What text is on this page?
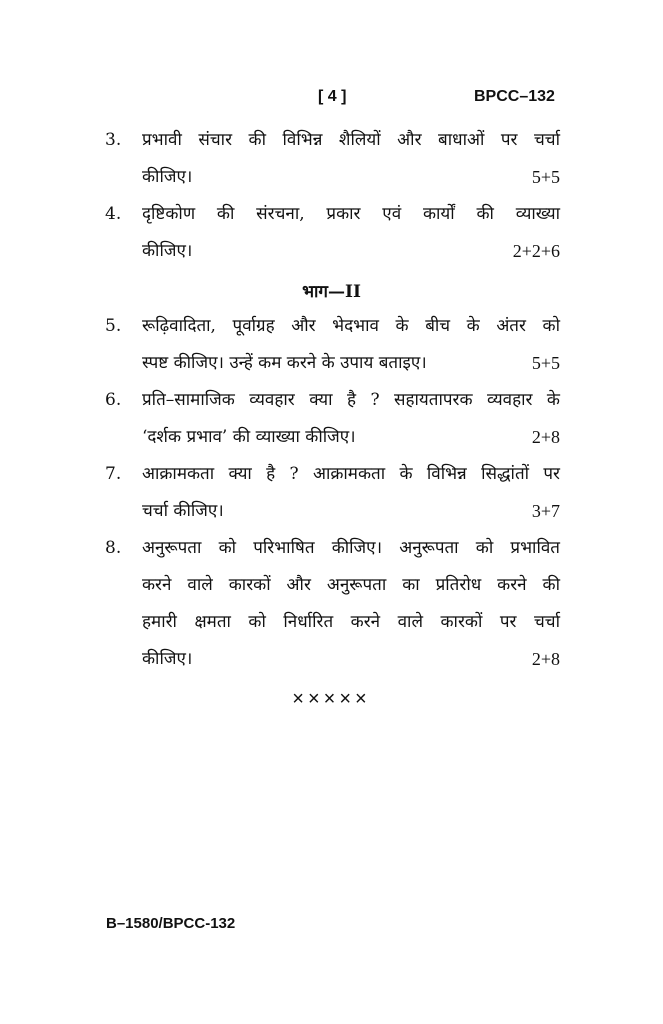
[ 4 ]	BPCC–132
3.	प्रभावी संचार की विभिन्न शैलियों और बाधाओं पर चर्चा
कीजिए।	5+5
4.	दृष्टिकोण की संरचना, प्रकार एवं कार्यों की व्याख्या
कीजिए।	2+2+6
भाग—II
5.	रूढ़िवादिता, पूर्वाग्रह और भेदभाव के बीच के अंतर को
स्पष्ट कीजिए। उन्हें कम करने के उपाय बताइए।	5+5
6.	प्रति–सामाजिक व्यवहार क्या है ? सहायतापरक व्यवहार के
‘दर्शक प्रभाव’ की व्याख्या कीजिए।	2+8
7.	आक्रामकता क्या है ? आक्रामकता के विभिन्न सिद्धांतों पर
चर्चा कीजिए।	3+7
8.	अनुरूपता को परिभाषित कीजिए। अनुरूपता को प्रभावित
करने वाले कारकों और अनुरूपता का प्रतिरोध करने की
हमारी क्षमता को निर्धारित करने वाले कारकों पर चर्चा
कीजिए।	2+8
×××××
B–1580/BPCC-132
